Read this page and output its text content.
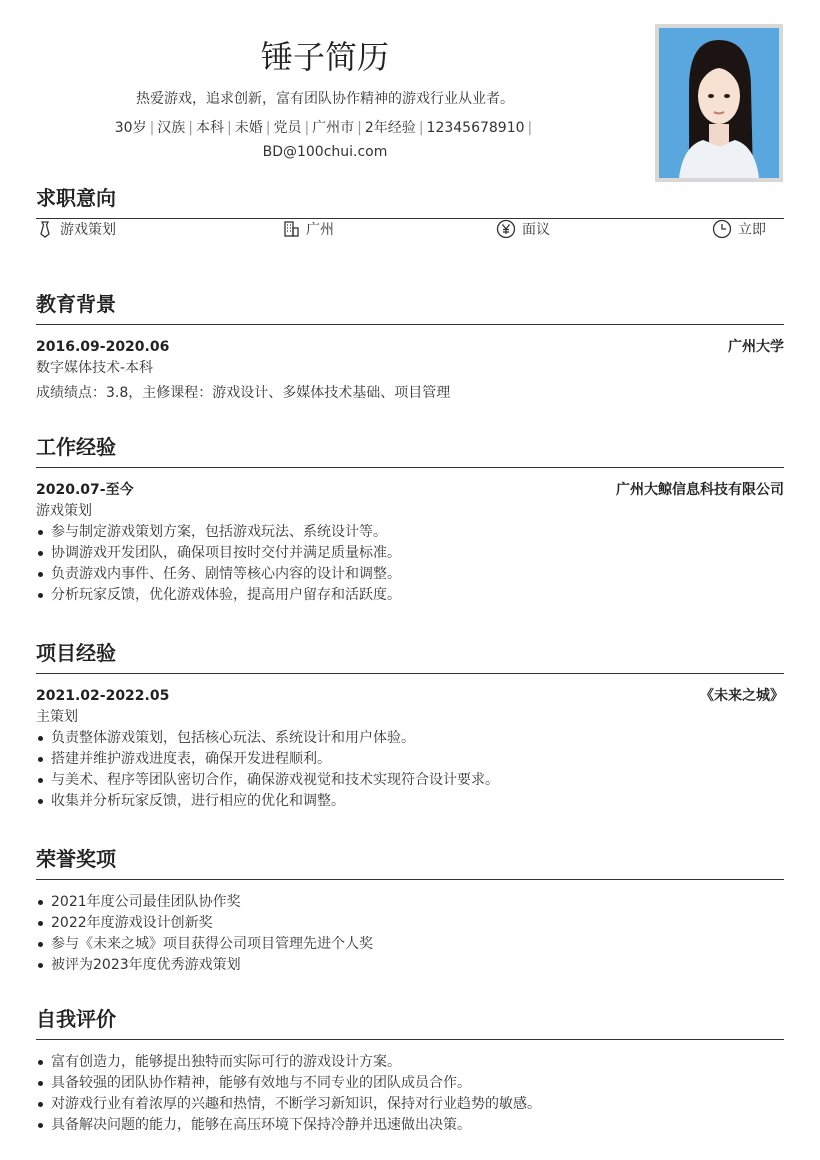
锤子简历
热爱游戏，追求创新，富有团队协作精神的游戏行业从业者。
30岁 | 汉族 | 本科 | 未婚 | 党员 | 广州市 | 2年经验 | 12345678910 |
BD@100chui.com
求职意向
游戏策划	广州	面议	立即
教育背景
2016.09-2020.06	广州大学
数字媒体技术-本科
成绩绩点：3.8，主修课程：游戏设计、多媒体技术基础、项目管理
工作经验
2020.07-至今	广州大鲸信息科技有限公司
游戏策划
参与制定游戏策划方案，包括游戏玩法、系统设计等。
协调游戏开发团队，确保项目按时交付并满足质量标准。
负责游戏内事件、任务、剧情等核心内容的设计和调整。
分析玩家反馈，优化游戏体验，提高用户留存和活跃度。
项目经验
2021.02-2022.05	《未来之城》
主策划
负责整体游戏策划，包括核心玩法、系统设计和用户体验。
搭建并维护游戏进度表，确保开发进程顺利。
与美术、程序等团队密切合作，确保游戏视觉和技术实现符合设计要求。
收集并分析玩家反馈，进行相应的优化和调整。
荣誉奖项
2021年度公司最佳团队协作奖
2022年度游戏设计创新奖
参与《未来之城》项目获得公司项目管理先进个人奖
被评为2023年度优秀游戏策划
自我评价
富有创造力，能够提出独特而实际可行的游戏设计方案。
具备较强的团队协作精神，能够有效地与不同专业的团队成员合作。
对游戏行业有着浓厚的兴趣和热情，不断学习新知识，保持对行业趋势的敏感。
具备解决问题的能力，能够在高压环境下保持冷静并迅速做出决策。
